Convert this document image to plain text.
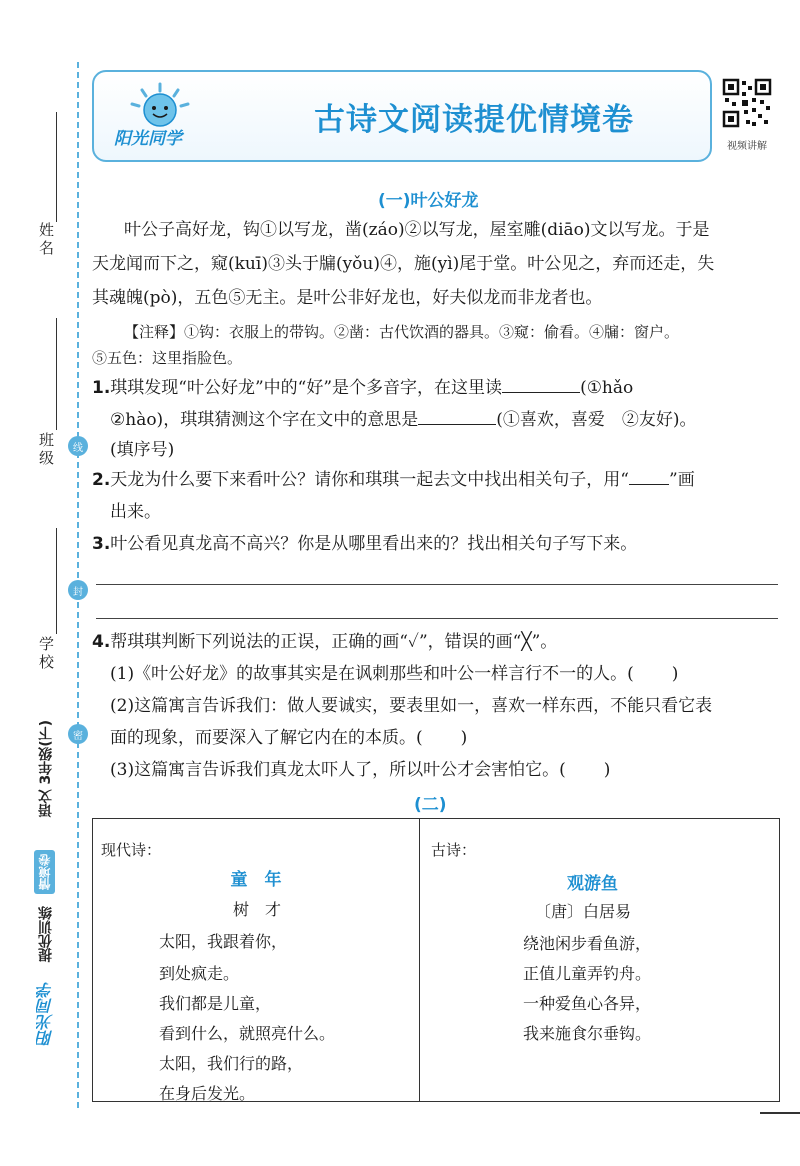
姓名
班级
学校
线
封
密
语文 3年级(下)
情境卷
提优训练
阳光同学
阳光同学
古诗文阅读提优情境卷
视频讲解
(一)叶公好龙
叶公子高好龙，钩①以写龙，凿(záo)②以写龙，屋室雕(diāo)文以写龙。于是
天龙闻而下之，窥(kuī)③头于牖(yǒu)④，施(yì)尾于堂。叶公见之，弃而还走，失
其魂魄(pò)，五色⑤无主。是叶公非好龙也，好夫似龙而非龙者也。
【注释】①钩：衣服上的带钩。②凿：古代饮酒的器具。③窥：偷看。④牖：窗户。
⑤五色：这里指脸色。
1.琪琪发现“叶公好龙”中的“好”是个多音字，在这里读	(①hǎo
②hào)，琪琪猜测这个字在文中的意思是	(①喜欢，喜爱　②友好)。
(填序号)
2.天龙为什么要下来看叶公？请你和琪琪一起去文中找出相关句子，用“ ”画
出来。
3.叶公看见真龙高不高兴？你是从哪里看出来的？找出相关句子写下来。
4.帮琪琪判断下列说法的正误，正确的画“✓”，错误的画“╳”。
(1)《叶公好龙》的故事其实是在讽刺那些和叶公一样言行不一的人。( )
(2)这篇寓言告诉我们：做人要诚实，要表里如一，喜欢一样东西，不能只看它表
面的现象，而要深入了解它内在的本质。( )
(3)这篇寓言告诉我们真龙太吓人了，所以叶公才会害怕它。( )
(二)
现代诗：
童　年
树　才
太阳，我跟着你，
到处疯走。
我们都是儿童，
看到什么，就照亮什么。
太阳，我们行的路，
在身后发光。
古诗：
观游鱼
〔唐〕白居易
绕池闲步看鱼游，
正值儿童弄钓舟。
一种爱鱼心各异，
我来施食尔垂钩。
